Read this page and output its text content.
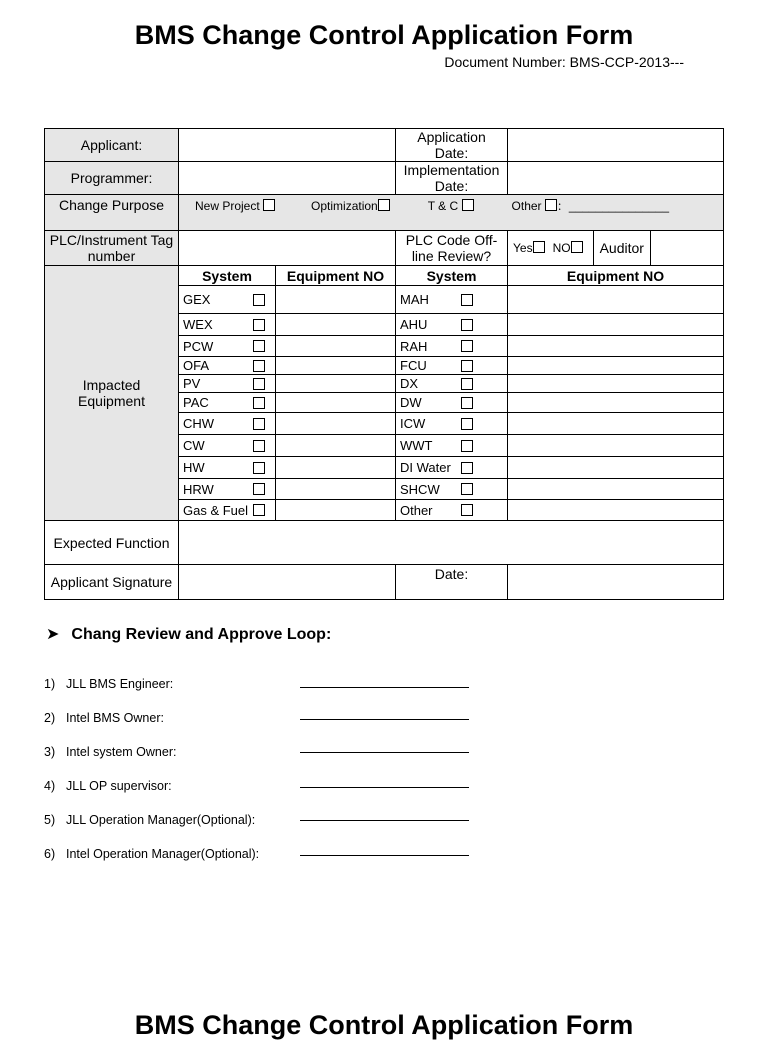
BMS Change Control Application Form
Document Number: BMS-CCP-2013---
Applicant:			Application Date:	
Programmer:			Implementation Date:	
Change Purpose	New Project Optimization T & C Other ：_______________			

PLC/Instrument Tag number			PLC Code Off-line Review?	Yes NO Auditor

Impacted Equipment	System	Equipment NO	System	Equipment NO

	GEX		MAH	

	WEX		AHU	

	PCW		RAH	

	OFA		FCU	

	PV		DX	

	PAC		DW	

	CHW		ICW	

	CW		WWT	

	HW		DI Water	

	HRW		SHCW	

	Gas & Fuel		Other	

Expected Function				
Applicant Signature			Date:	
➤ Chang Review and Approve Loop:
1) JLL BMS Engineer:
2) Intel BMS Owner:
3) Intel system Owner:
4) JLL OP supervisor:
5) JLL Operation Manager(Optional):
6) Intel Operation Manager(Optional):
BMS Change Control Application Form
